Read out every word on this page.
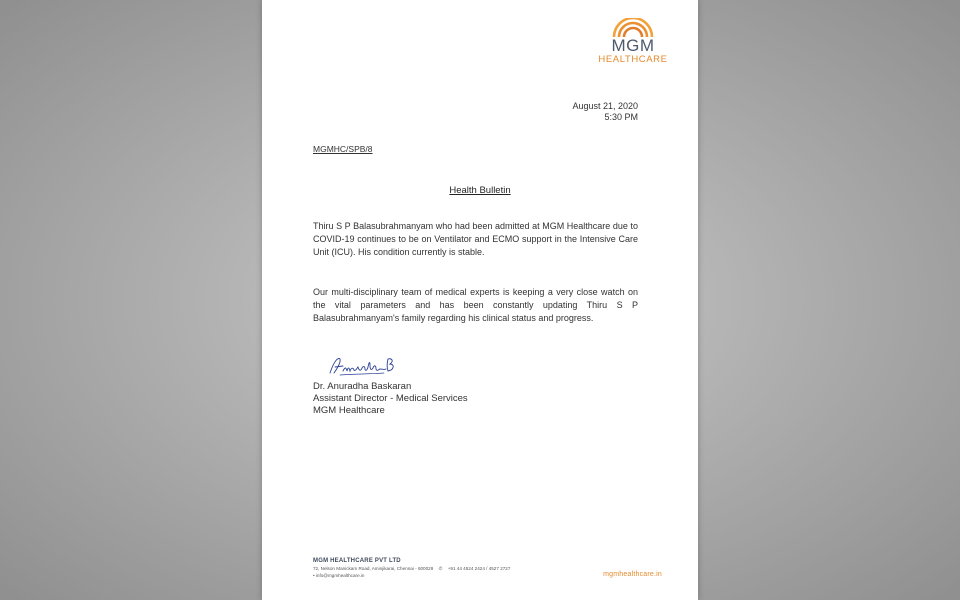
MGM
HEALTHCARE
August 21, 2020
5:30 PM
MGMHC/SPB/8
Health Bulletin
Thiru S P Balasubrahmanyam who had been admitted at MGM Healthcare due to COVID-19 continues to be on Ventilator and ECMO support in the Intensive Care Unit (ICU). His condition currently is stable.
Our multi-disciplinary team of medical experts is keeping a very close watch on the vital parameters and has been constantly updating Thiru S P Balasubrahmanyam's family regarding his clinical status and progress.
Dr. Anuradha Baskaran
Assistant Director - Medical Services
MGM Healthcare
MGM HEALTHCARE PVT LTD
72, Nelson Manickam Road, Aminjikarai, Chennai - 600029 ✆ +91 44 4524 2424 / 4527 2727
• info@mgmhealthcare.in	mgmhealthcare.in
